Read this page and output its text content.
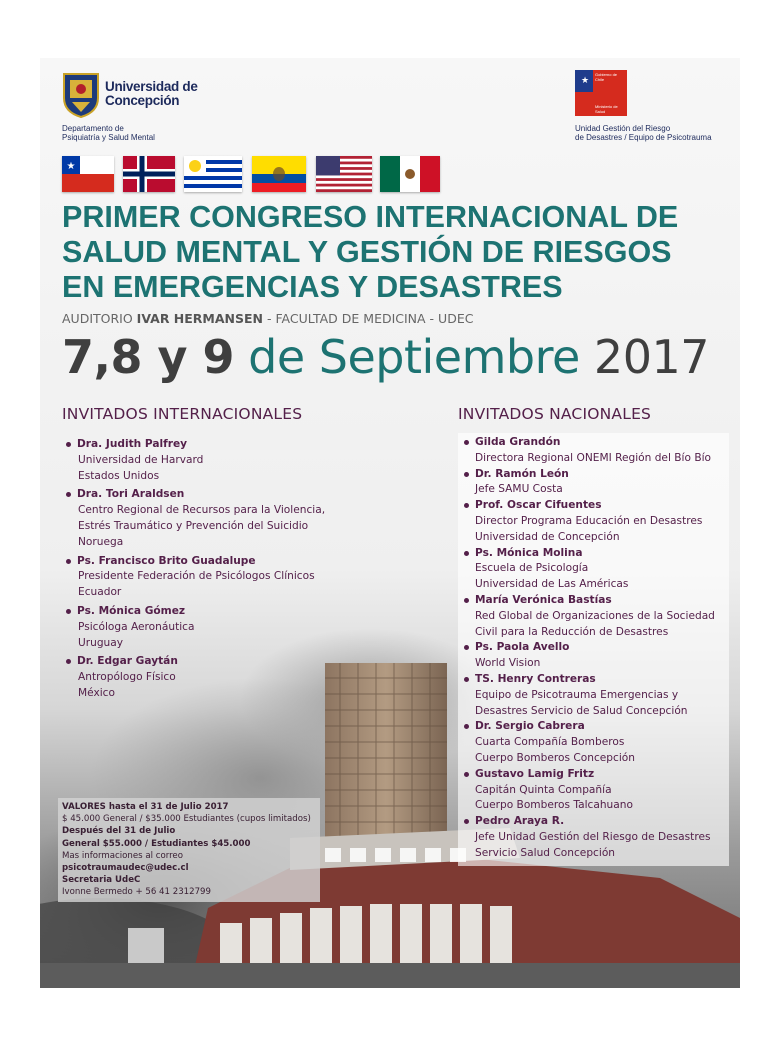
Universidad de Concepción
Departamento de
Psiquiatría y Salud Mental
★
Gobierno de Chile
Ministerio de Salud
Unidad Gestión del Riesgo
de Desastres / Equipo de Psicotrauma
★
PRIMER CONGRESO INTERNACIONAL DE
SALUD MENTAL Y GESTIÓN DE RIESGOS
EN EMERGENCIAS Y DESASTRES
AUDITORIO IVAR HERMANSEN - FACULTAD DE MEDICINA - UDEC
7,8 y 9 de Septiembre 2017
INVITADOS INTERNACIONALES	INVITADOS NACIONALES
Dra. Judith Palfrey
Universidad de Harvard
Estados Unidos
Dra. Tori Araldsen
Centro Regional de Recursos para la Violencia,
Estrés Traumático y Prevención del Suicidio
Noruega
Ps. Francisco Brito Guadalupe
Presidente Federación de Psicólogos Clínicos
Ecuador
Ps. Mónica Gómez
Psicóloga Aeronáutica
Uruguay
Dr. Edgar Gaytán
Antropólogo Físico
México
Gilda Grandón
Directora Regional ONEMI Región del Bío Bío
Dr. Ramón León
Jefe SAMU Costa
Prof. Oscar Cifuentes
Director Programa Educación en Desastres
Universidad de Concepción
Ps. Mónica Molina
Escuela de Psicología
Universidad de Las Américas
María Verónica Bastías
Red Global de Organizaciones de la Sociedad
Civil para la Reducción de Desastres
Ps. Paola Avello
World Vision
TS. Henry Contreras
Equipo de Psicotrauma Emergencias y
Desastres Servicio de Salud Concepción
Dr. Sergio Cabrera
Cuarta Compañía Bomberos
Cuerpo Bomberos Concepción
Gustavo Lamig Fritz
Capitán Quinta Compañía
Cuerpo Bomberos Talcahuano
Pedro Araya R.
Jefe Unidad Gestión del Riesgo de Desastres
Servicio Salud Concepción
VALORES hasta el 31 de Julio 2017
$ 45.000 General / $35.000 Estudiantes (cupos limitados)
Después del 31 de Julio
General $55.000 / Estudiantes $45.000
Mas informaciones al correo
psicotraumaudec@udec.cl
Secretaria UdeC
Ivonne Bermedo + 56 41 2312799
